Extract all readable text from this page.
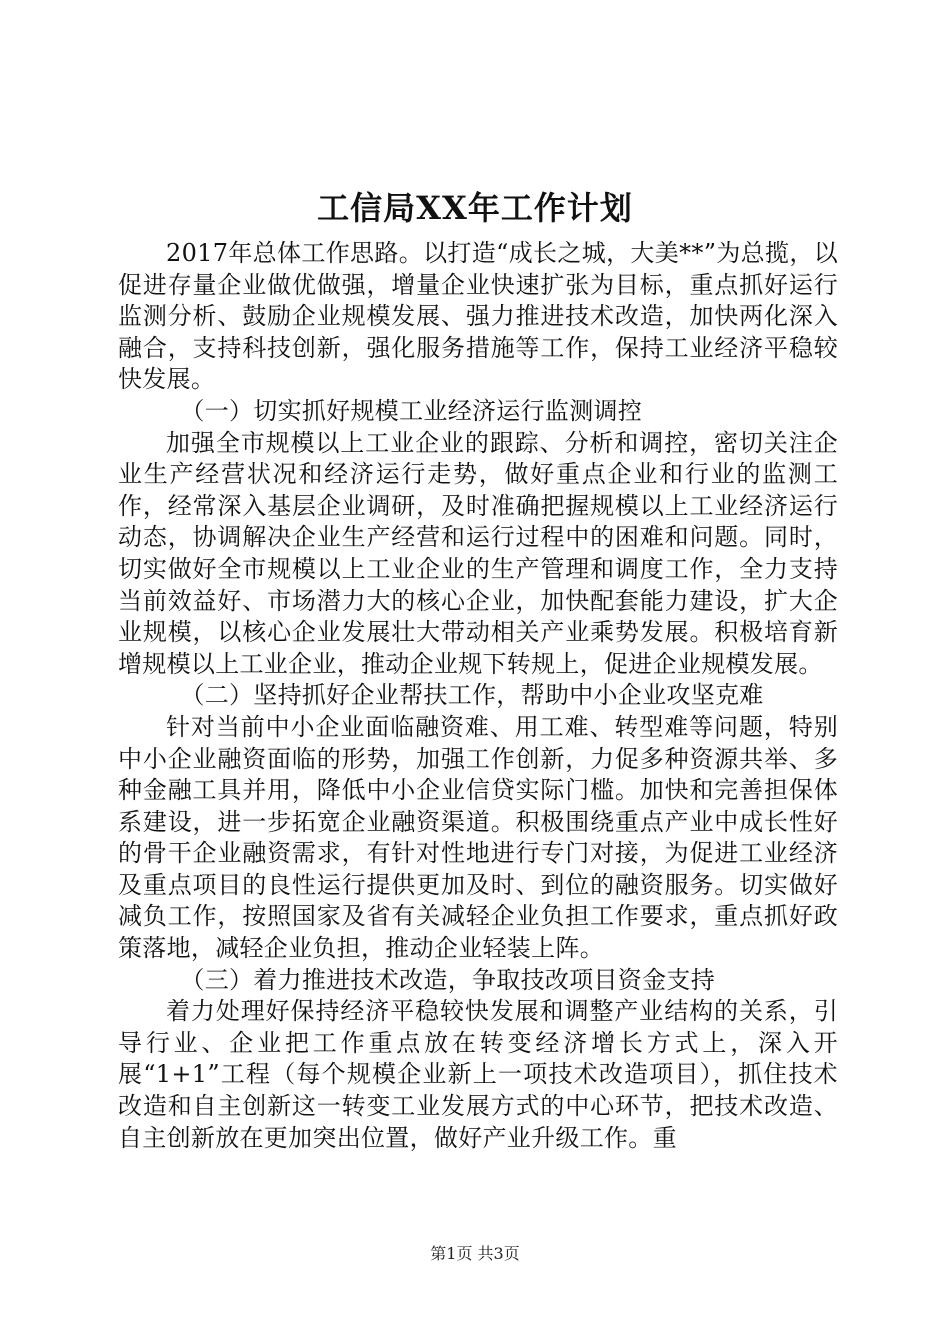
工信局XX年工作计划

2017年总体工作思路。以打造“成长之城，大美**”为总揽，以促进存量企业做优做强，增量企业快速扩张为目标，重点抓好运行监测分析、鼓励企业规模发展、强力推进技术改造，加快两化深入融合，支持科技创新，强化服务措施等工作，保持工业经济平稳较快发展。

（一）切实抓好规模工业经济运行监测调控

加强全市规模以上工业企业的跟踪、分析和调控，密切关注企业生产经营状况和经济运行走势，做好重点企业和行业的监测工作，经常深入基层企业调研，及时准确把握规模以上工业经济运行动态，协调解决企业生产经营和运行过程中的困难和问题。同时，切实做好全市规模以上工业企业的生产管理和调度工作，全力支持当前效益好、市场潜力大的核心企业，加快配套能力建设，扩大企业规模，以核心企业发展壮大带动相关产业乘势发展。积极培育新增规模以上工业企业，推动企业规下转规上，促进企业规模发展。

（二）坚持抓好企业帮扶工作，帮助中小企业攻坚克难

针对当前中小企业面临融资难、用工难、转型难等问题，特别中小企业融资面临的形势，加强工作创新，力促多种资源共举、多种金融工具并用，降低中小企业信贷实际门槛。加快和完善担保体系建设，进一步拓宽企业融资渠道。积极围绕重点产业中成长性好的骨干企业融资需求，有针对性地进行专门对接，为促进工业经济及重点项目的良性运行提供更加及时、到位的融资服务。切实做好减负工作，按照国家及省有关减轻企业负担工作要求，重点抓好政策落地，减轻企业负担，推动企业轻装上阵。

（三）着力推进技术改造，争取技改项目资金支持

着力处理好保持经济平稳较快发展和调整产业结构的关系，引导行业、企业把工作重点放在转变经济增长方式上，深入开展“1+1”工程（每个规模企业新上一项技术改造项目），抓住技术改造和自主创新这一转变工业发展方式的中心环节，把技术改造、自主创新放在更加突出位置，做好产业升级工作。重

第1页 共3页
